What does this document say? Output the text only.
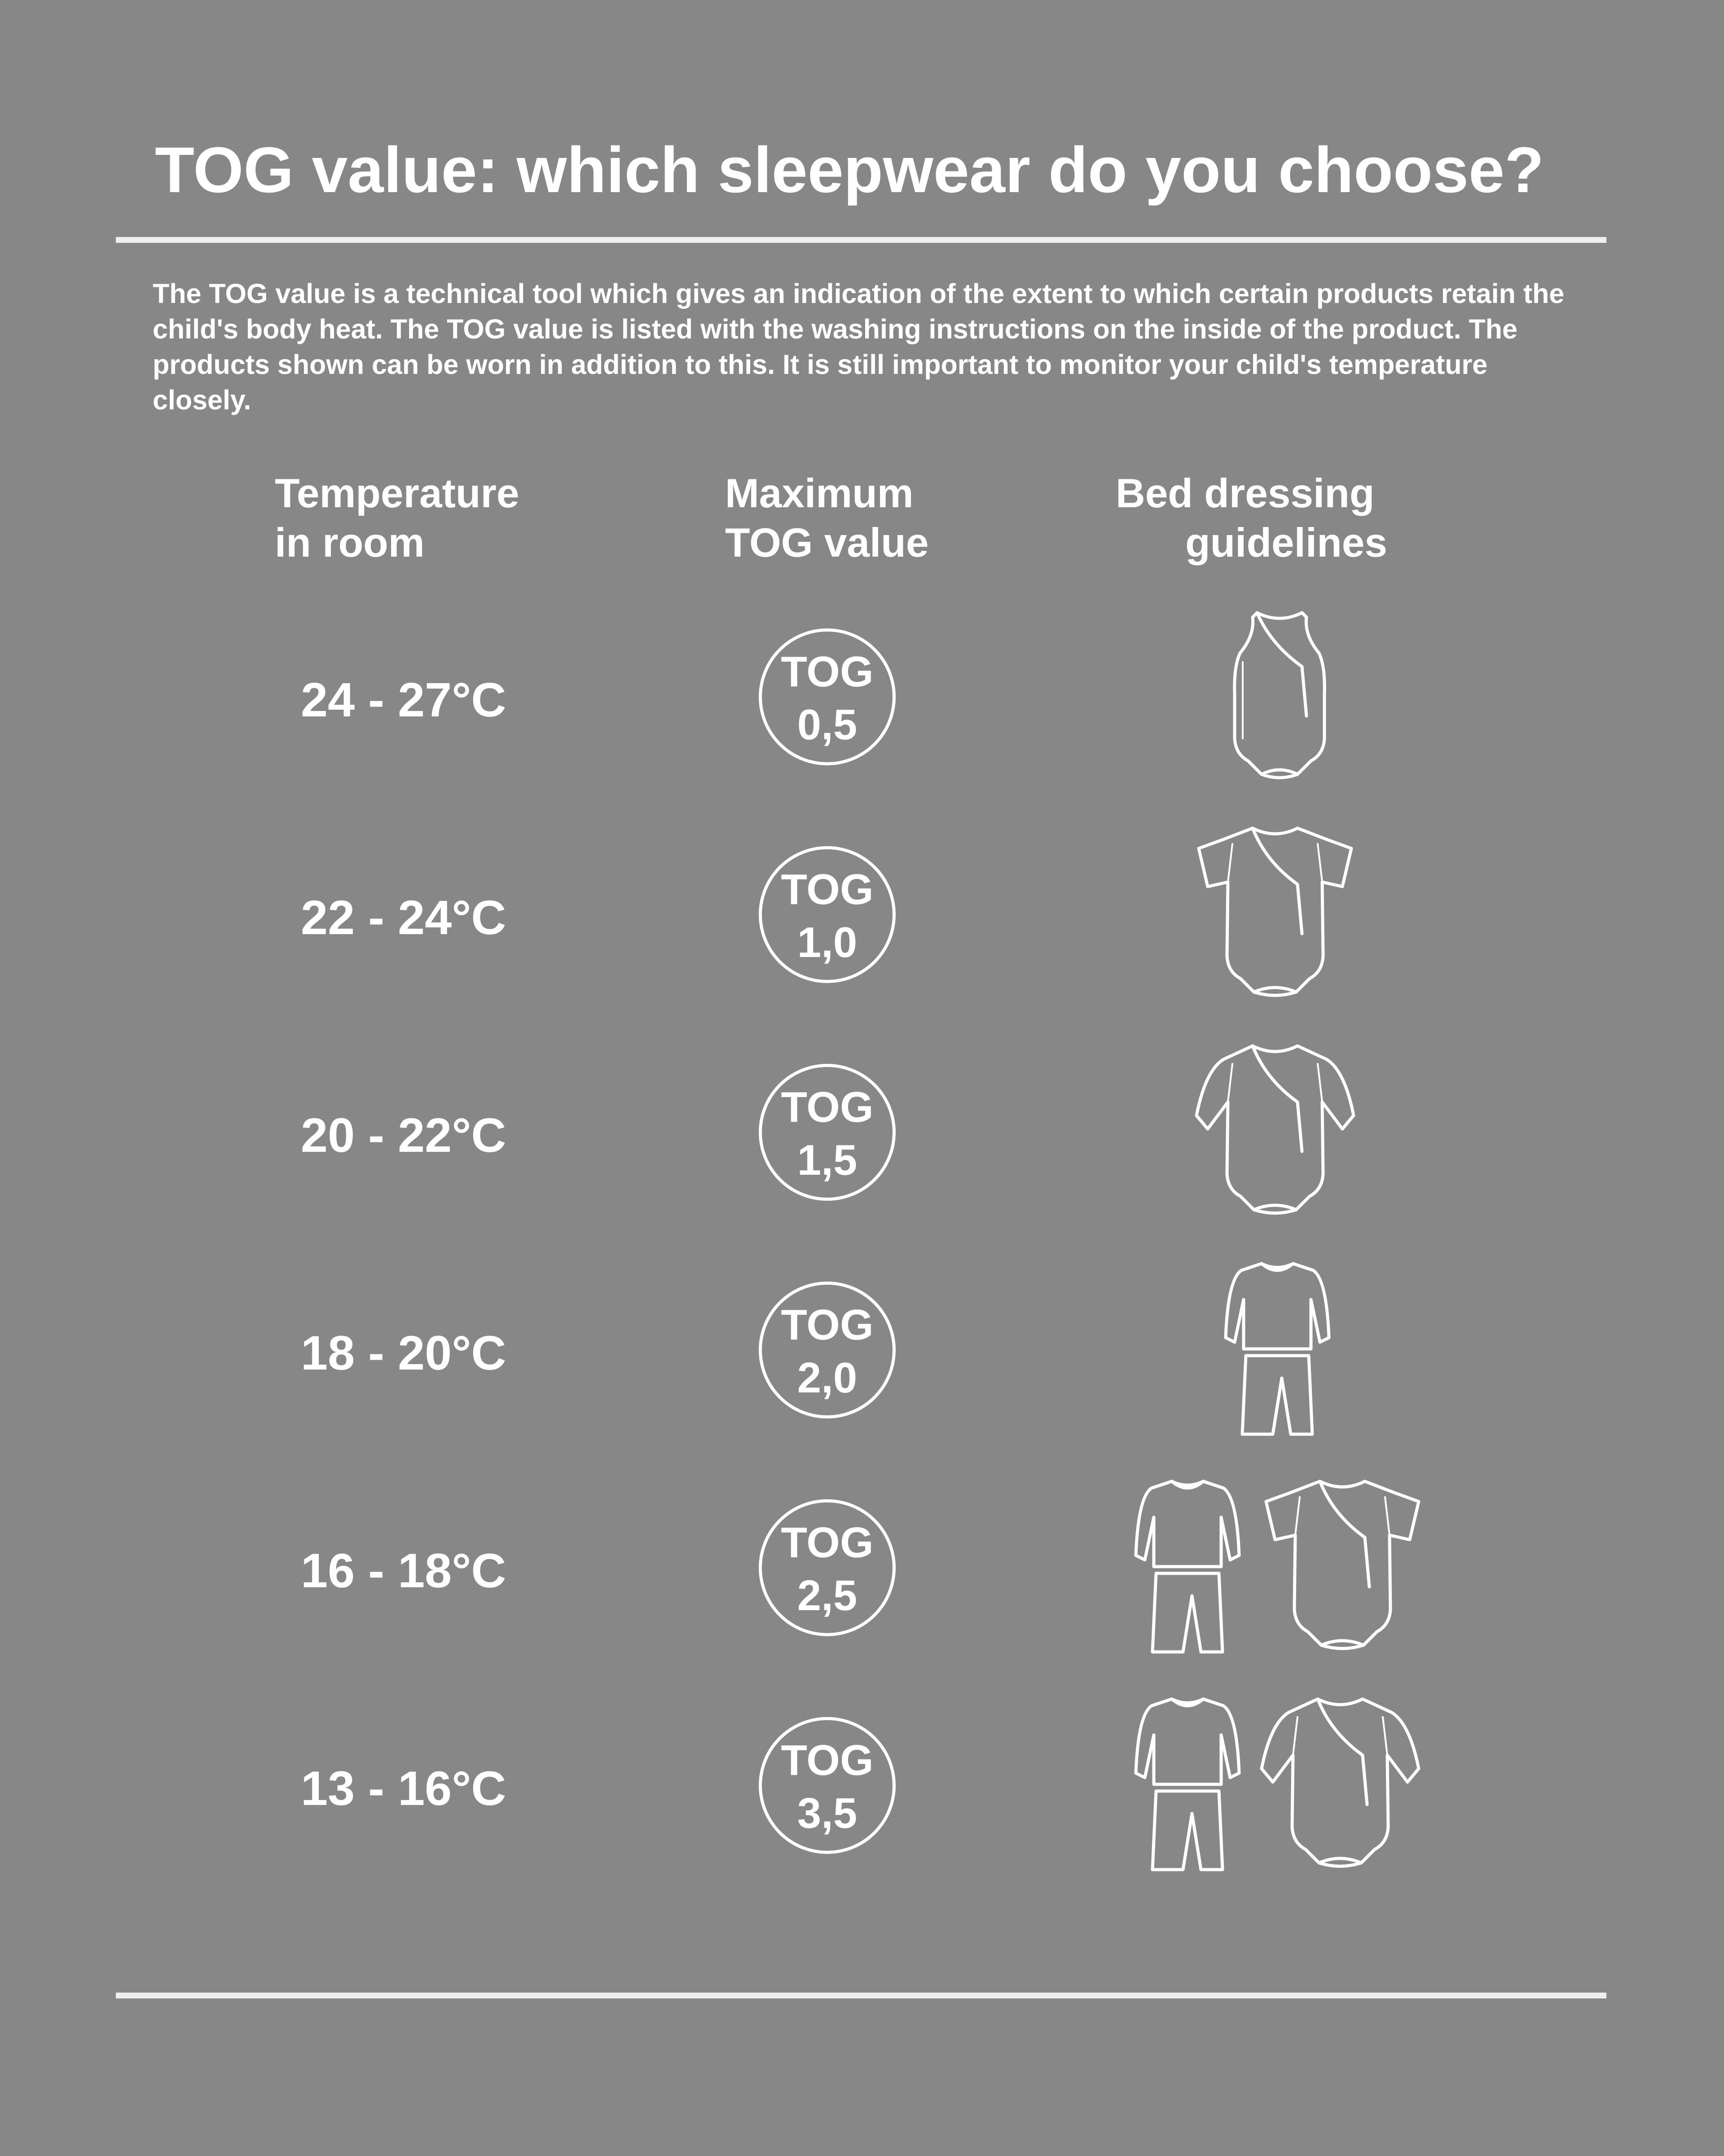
TOG value: which sleepwear do you choose?
The TOG value is a technical tool which gives an indication of the extent to which certain products retain the child's body heat. The TOG value is listed with the washing instructions on the inside of the product. The products shown can be worn in addition to this. It is still important to monitor your child's temperature closely.
Temperature
in room
Maximum
TOG value
Bed dressing
guidelines
24 - 27°C
TOG
0,5
22 - 24°C
TOG
1,0
20 - 22°C
TOG
1,5
18 - 20°C
TOG
2,0
16 - 18°C
TOG
2,5
13 - 16°C
TOG
3,5
